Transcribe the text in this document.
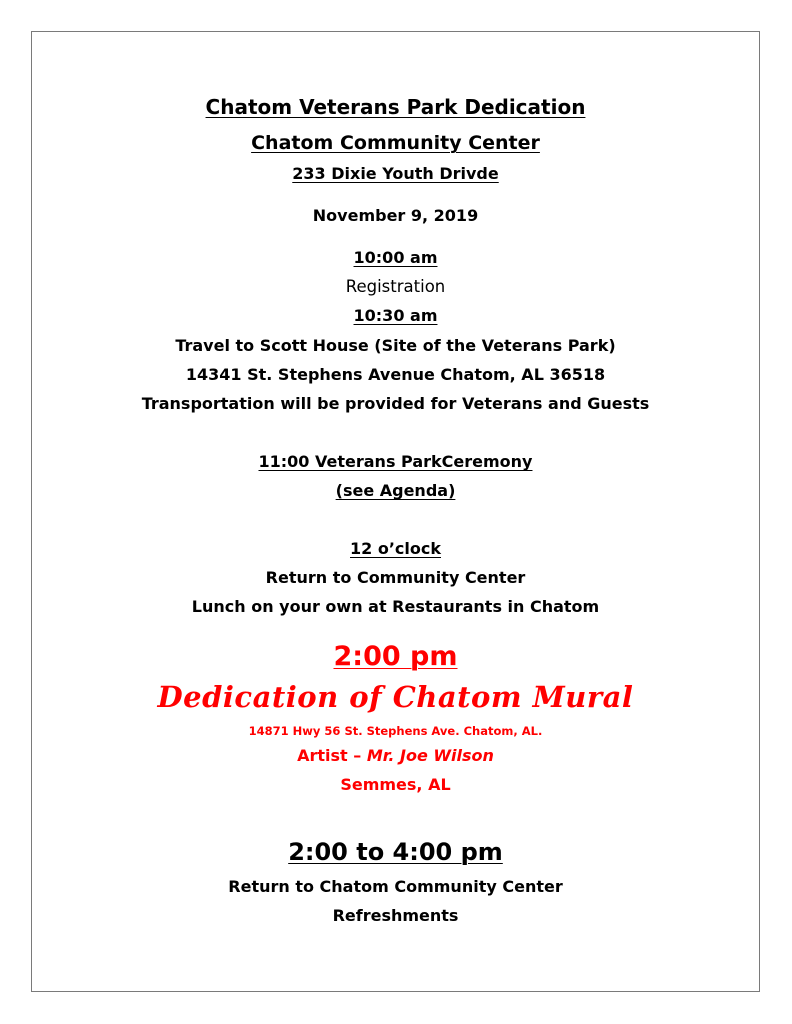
Chatom Veterans Park Dedication
Chatom Community Center
233 Dixie Youth Drivde
November 9, 2019
10:00 am
Registration
10:30 am
Travel to Scott House (Site of the Veterans Park)
14341 St. Stephens Avenue Chatom, AL 36518
Transportation will be provided for Veterans and Guests
11:00 Veterans ParkCeremony
(see Agenda)
12 o’clock
Return to Community Center
Lunch on your own at Restaurants in Chatom
2:00 pm
Dedication of Chatom Mural
14871 Hwy 56 St. Stephens Ave. Chatom, AL.
Artist – Mr. Joe Wilson
Semmes, AL
2:00 to 4:00 pm
Return to Chatom Community Center
Refreshments
